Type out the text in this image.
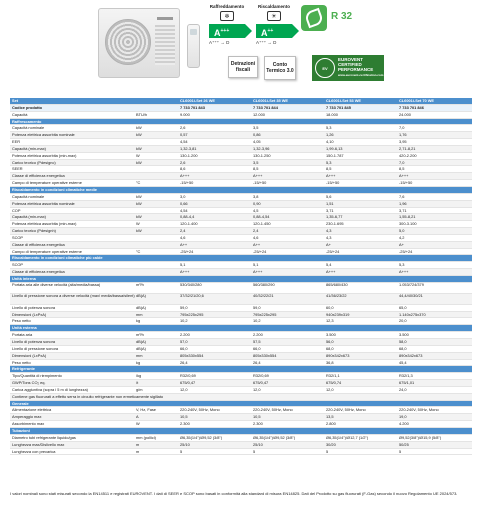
Raffreddamento
❄
A+++
A⁺⁺⁺ → D
Riscaldamento
☀
A++
A⁺⁺⁺ → D
R 32
Detrazioni fiscali
Conto Termico 3.0	EV
EUROVENT
CERTIFIED
PERFORMANCE
www.eurovent-certification.com
Set	CL6001i-Set 26 WE	CL6001i-Set 35 WE	CL6001i-Set 53 WE	CL6001i-Set 70 WE
Codice prodotto	7 733 701 843	7 733 701 844	7 733 701 845	7 733 701 846
Capacità	BTU/h	9.000	12.000	18.000	24.000
Raffrescamento
Capacità nominale	kW	2,6	3,5	5,3	7,0
Potenza elettrica assorbita nominale	kW	0,57	0,86	1,26	1,76
EER	4,54	4,05	4,10	3,95
Capacità (min-max)	kW	1,32-3,81	1,32-3,96	1,99-6,13	2,71-8,21
Potenza elettrica assorbita (min-max)	W	130-1.200	130-1.250	150-1.787	420-2.200
Carico teorico (Pdesignc)	kW	2,6	3,5	5,3	7,0
SEER	8,6	8,5	8,5	8,5
Classe di efficienza energetica	A+++	A+++	A+++	A+++
Campo di temperature operative esterne	°C	-15/+50	-15/+50	-15/+50	-15/+50
Riscaldamento in condizioni climatiche medie
Capacità nominale	kW	3,0	3,8	5,6	7,6
Potenza elettrica assorbita nominale	kW	0,66	0,90	1,51	1,96
COP	4,54	4,5	3,71	3,71
Capacità (min-max)	kW	0,88-4,4	0,88-4,54	1,35-6,77	1,55-8,21
Potenza elettrica assorbita (min-max)	W	120-1.400	120-1.450	230-1.695	300-3.100
Carico teorico (Pdesignh)	kW	2,4	2,4	4,3	5,0
SCOP	4,6	4,6	4,3	4,2
Classe di efficienza energetica	A++	A++	A+	A+
Campo di temperature operative esterne	°C	-25/+24	-25/+24	-25/+24	-25/+24
Riscaldamento in condizioni climatiche più calde
SCOP	5,1	5,1	5,4	5,3
Classe di efficienza energetica	A+++	A+++	A+++	A+++
Unità interna
Portata aria alle diverse velocità (alta/media/bassa)	m³/h	530/340/280	560/380/290	865/680/430	1.053/724/379
Livello di pressione sonora a diverse velocità (max/ media/bassa/silent) dB(A)	37/32/21/20,6	40/32/22/21	41/36/23/22	44,4/40/30/21
Livello di potenza sonora	dB(A)	59,0	59,0	60,0	65,0
Dimensioni (LxPxA)	mm	795x225x295	795x225x295	940x239x319	1.140x275x370
Peso netto	kg	10,2	10,2	12,3	20,0
Unità esterna
Portata aria	m³/h	2.200	2.200	3.500	3.500
Livello di potenza sonora	dB(A)	57,0	57,5	56,0	58,0
Livello di pressione sonora	dB(A)	66,0	66,0	68,0	68,0
Dimensioni (LxPxA)	mm	805x330x554	805x330x554	890x342x673	890x342x673
Peso netto	kg	26,4	26,4	36,8	45,4
Refrigerante
Tipo/Quantità di riempimento	/kg	R32/0,69	R32/0,69	R32/1,1	R32/1,3
GWP/Tons CO₂ eq.	/t	675/0,47	675/0,47	675/0,74	675/1,01
Carica aggiuntiva (sopra i 5 m di lunghezza)	g/m	12,0	12,0	12,0	24,0
Contiene gas fluorurati a effetto serra in circuito refrigerante non ermeticamente sigillato
Generale
Alimentazione elettrica	V, Hz, Fase	220-240V, 50Hz, Mono	220-240V, 50Hz, Mono	220-240V, 50Hz, Mono	220-240V, 50Hz, Mono
Amperaggio max	A	10,5	10,5	13,5	19,0
Assorbimento max	W	2.300	2.300	2.800	4.200
Tubazioni
Diametro tubi refrigerante liquido/gas	mm (pollici)	Ø6,35(1/4")/Ø9,52 (3/8")	Ø6,35(1/4")/Ø9,52 (3/8")	Ø6,35(1/4")/Ø12,7 (1/2")	Ø9,52(3/8")/Ø15,9 (5/8")
Lunghezza max/Dislivello max	m	25/10	25/10	30/20	50/25
Lunghezza con precarica	m	5	5	5	5
I valori nominali sono stati misurati secondo la EN14511 e registrati EUROVENT. I dati di SEER e SCOP sono basati in conformità alla standard di misura EN14825. Dati del Prodotto su gas fluorurati (F-Gas) secondo il nuovo Regolamento UE 2024/573.
